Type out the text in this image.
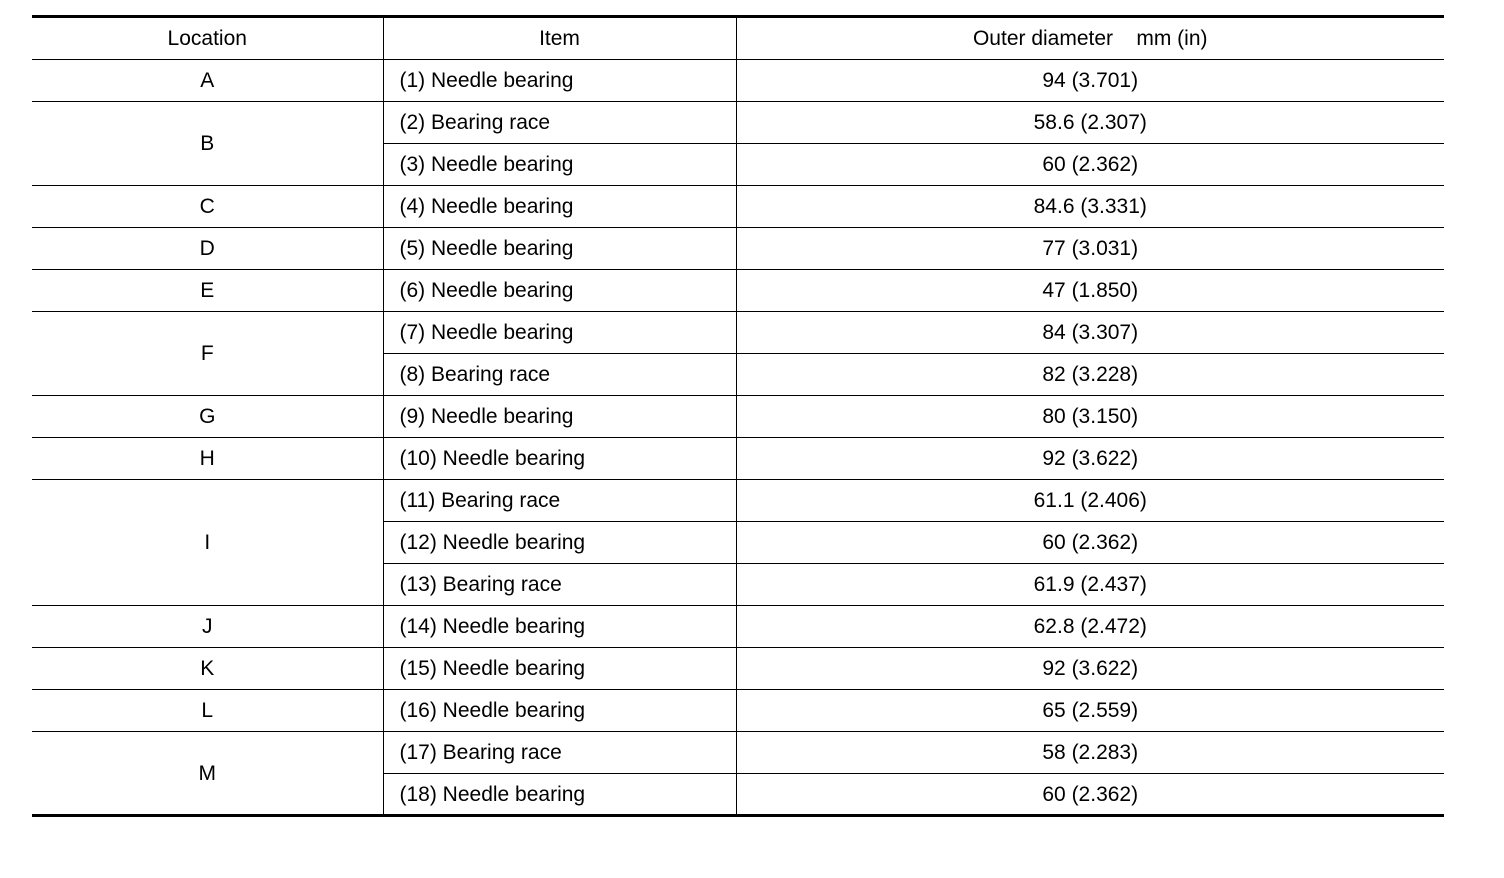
Location	Item	Outer diameter    mm (in)
A	(1) Needle bearing	94 (3.701)
B	(2) Bearing race	58.6 (2.307)
	(3) Needle bearing	60 (2.362)
C	(4) Needle bearing	84.6 (3.331)
D	(5) Needle bearing	77 (3.031)
E	(6) Needle bearing	47 (1.850)
F	(7) Needle bearing	84 (3.307)
	(8) Bearing race	82 (3.228)
G	(9) Needle bearing	80 (3.150)
H	(10) Needle bearing	92 (3.622)
I	(11) Bearing race	61.1 (2.406)
	(12) Needle bearing	60 (2.362)
	(13) Bearing race	61.9 (2.437)
J	(14) Needle bearing	62.8 (2.472)
K	(15) Needle bearing	92 (3.622)
L	(16) Needle bearing	65 (2.559)
M	(17) Bearing race	58 (2.283)
	(18) Needle bearing	60 (2.362)
